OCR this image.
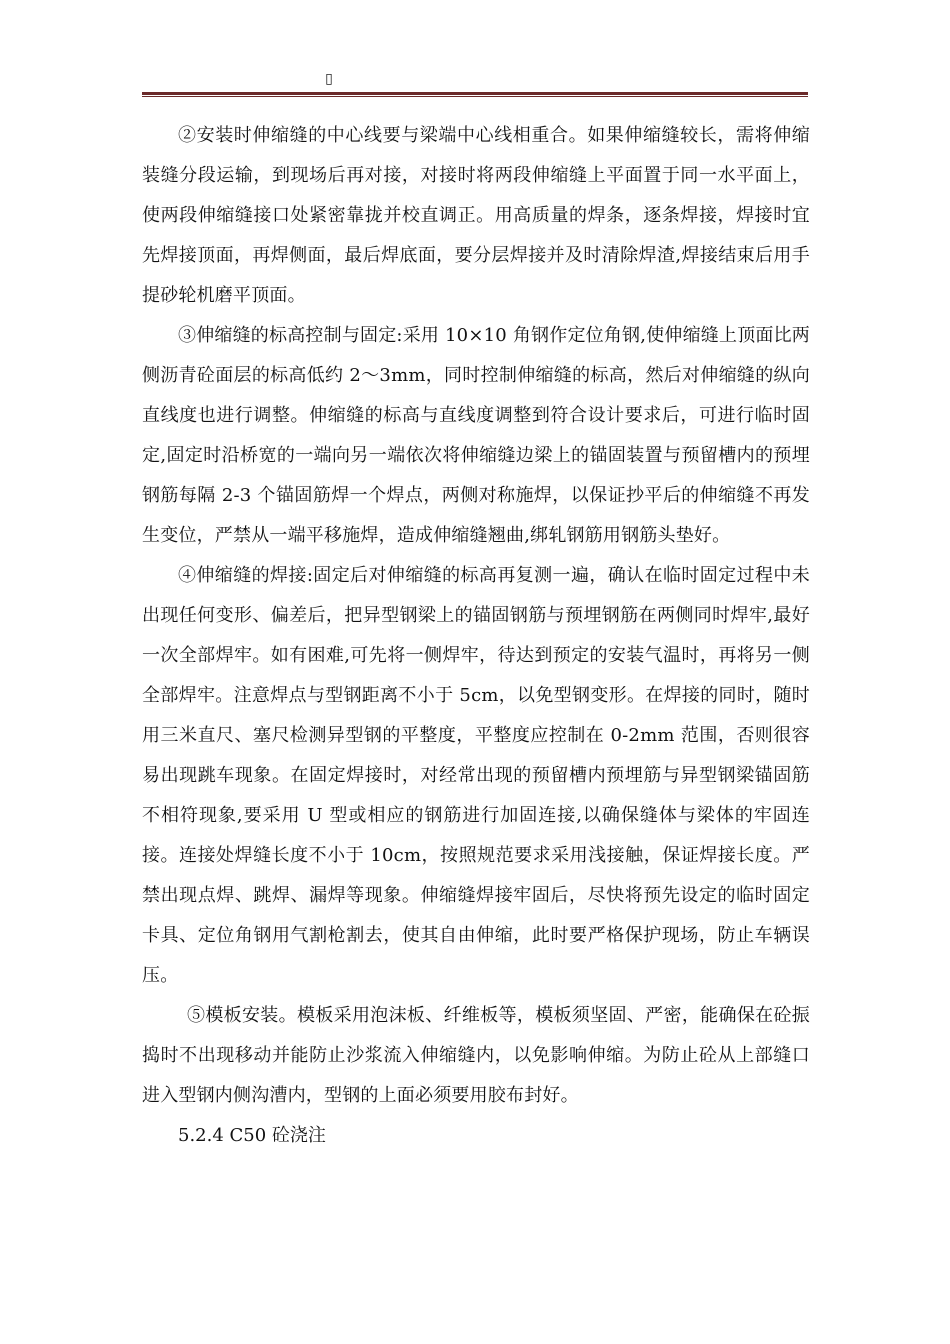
▯

②安装时伸缩缝的中心线要与梁端中心线相重合。如果伸缩缝较长，需将伸缩装缝分段运输，到现场后再对接，对接时将两段伸缩缝上平面置于同一水平面上，使两段伸缩缝接口处紧密靠拢并校直调正。用高质量的焊条，逐条焊接，焊接时宜先焊接顶面，再焊侧面，最后焊底面，要分层焊接并及时清除焊渣,焊接结束后用手提砂轮机磨平顶面。

③伸缩缝的标高控制与固定:采用 10×10 角钢作定位角钢,使伸缩缝上顶面比两侧沥青砼面层的标高低约 2～3mm，同时控制伸缩缝的标高，然后对伸缩缝的纵向直线度也进行调整。伸缩缝的标高与直线度调整到符合设计要求后，可进行临时固定,固定时沿桥宽的一端向另一端依次将伸缩缝边梁上的锚固装置与预留槽内的预埋钢筋每隔 2-3 个锚固筋焊一个焊点，两侧对称施焊，以保证抄平后的伸缩缝不再发生变位，严禁从一端平移施焊，造成伸缩缝翘曲,绑轧钢筋用钢筋头垫好。

④伸缩缝的焊接:固定后对伸缩缝的标高再复测一遍，确认在临时固定过程中未出现任何变形、偏差后，把异型钢梁上的锚固钢筋与预埋钢筋在两侧同时焊牢,最好一次全部焊牢。如有困难,可先将一侧焊牢，待达到预定的安装气温时，再将另一侧全部焊牢。注意焊点与型钢距离不小于 5cm，以免型钢变形。在焊接的同时，随时用三米直尺、塞尺检测异型钢的平整度，平整度应控制在 0-2mm 范围，否则很容易出现跳车现象。在固定焊接时，对经常出现的预留槽内预埋筋与异型钢梁锚固筋不相符现象,要采用 U 型或相应的钢筋进行加固连接,以确保缝体与梁体的牢固连接。连接处焊缝长度不小于 10cm，按照规范要求采用浅接触，保证焊接长度。严禁出现点焊、跳焊、漏焊等现象。伸缩缝焊接牢固后，尽快将预先设定的临时固定卡具、定位角钢用气割枪割去，使其自由伸缩，此时要严格保护现场，防止车辆误压。

⑤模板安装。模板采用泡沫板、纤维板等，模板须坚固、严密，能确保在砼振捣时不出现移动并能防止沙浆流入伸缩缝内，以免影响伸缩。为防止砼从上部缝口进入型钢内侧沟漕内，型钢的上面必须要用胶布封好。

5.2.4 C50 砼浇注
